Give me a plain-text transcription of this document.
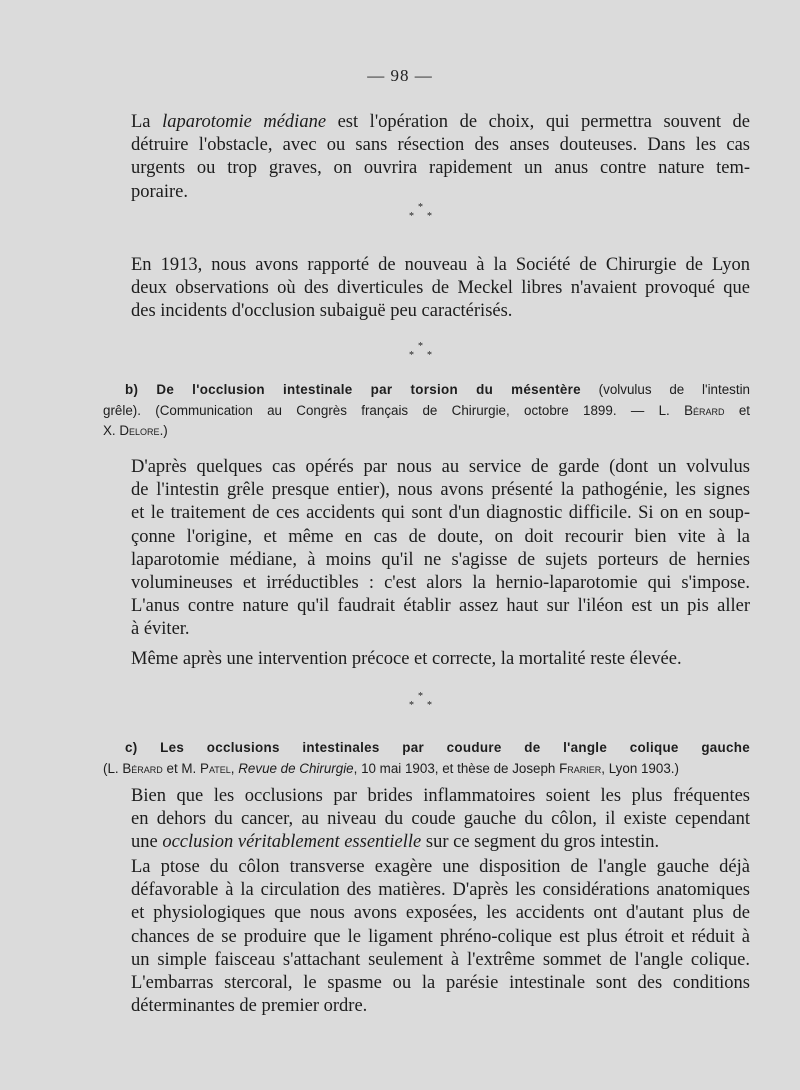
— 98 —

La laparotomie médiane est l'opération de choix, qui permettra souvent de
détruire l'obstacle, avec ou sans résection des anses douteuses. Dans les cas
urgents ou trop graves, on ouvrira rapidement un anus contre nature tem-
poraire.

*
* *

En 1913, nous avons rapporté de nouveau à la Société de Chirurgie de Lyon
deux observations où des diverticules de Meckel libres n'avaient provoqué que
des incidents d'occlusion subaiguë peu caractérisés.

*
* *
b) De l'occlusion intestinale par torsion du mésentère (volvulus de l'intestin
grêle). (Communication au Congrès français de Chirurgie, octobre 1899. — L. Bérard et
X. Delore.)

D'après quelques cas opérés par nous au service de garde (dont un volvulus
de l'intestin grêle presque entier), nous avons présenté la pathogénie, les signes
et le traitement de ces accidents qui sont d'un diagnostic difficile. Si on en soup-
çonne l'origine, et même en cas de doute, on doit recourir bien vite à la
laparotomie médiane, à moins qu'il ne s'agisse de sujets porteurs de hernies
volumineuses et irréductibles : c'est alors la hernio-laparotomie qui s'impose.
L'anus contre nature qu'il faudrait établir assez haut sur l'iléon est un pis aller
à éviter.

Même après une intervention précoce et correcte, la mortalité reste élevée.

*
* *
c) Les occlusions intestinales par coudure de l'angle colique gauche
(L. Bérard et M. Patel, Revue de Chirurgie, 10 mai 1903, et thèse de Joseph Frarier, Lyon 1903.)

Bien que les occlusions par brides inflammatoires soient les plus fréquentes
en dehors du cancer, au niveau du coude gauche du côlon, il existe cependant
une occlusion véritablement essentielle sur ce segment du gros intestin.

La ptose du côlon transverse exagère une disposition de l'angle gauche déjà
défavorable à la circulation des matières. D'après les considérations anatomiques
et physiologiques que nous avons exposées, les accidents ont d'autant plus de
chances de se produire que le ligament phréno-colique est plus étroit et réduit à
un simple faisceau s'attachant seulement à l'extrême sommet de l'angle colique.
L'embarras stercoral, le spasme ou la parésie intestinale sont des conditions
déterminantes de premier ordre.
